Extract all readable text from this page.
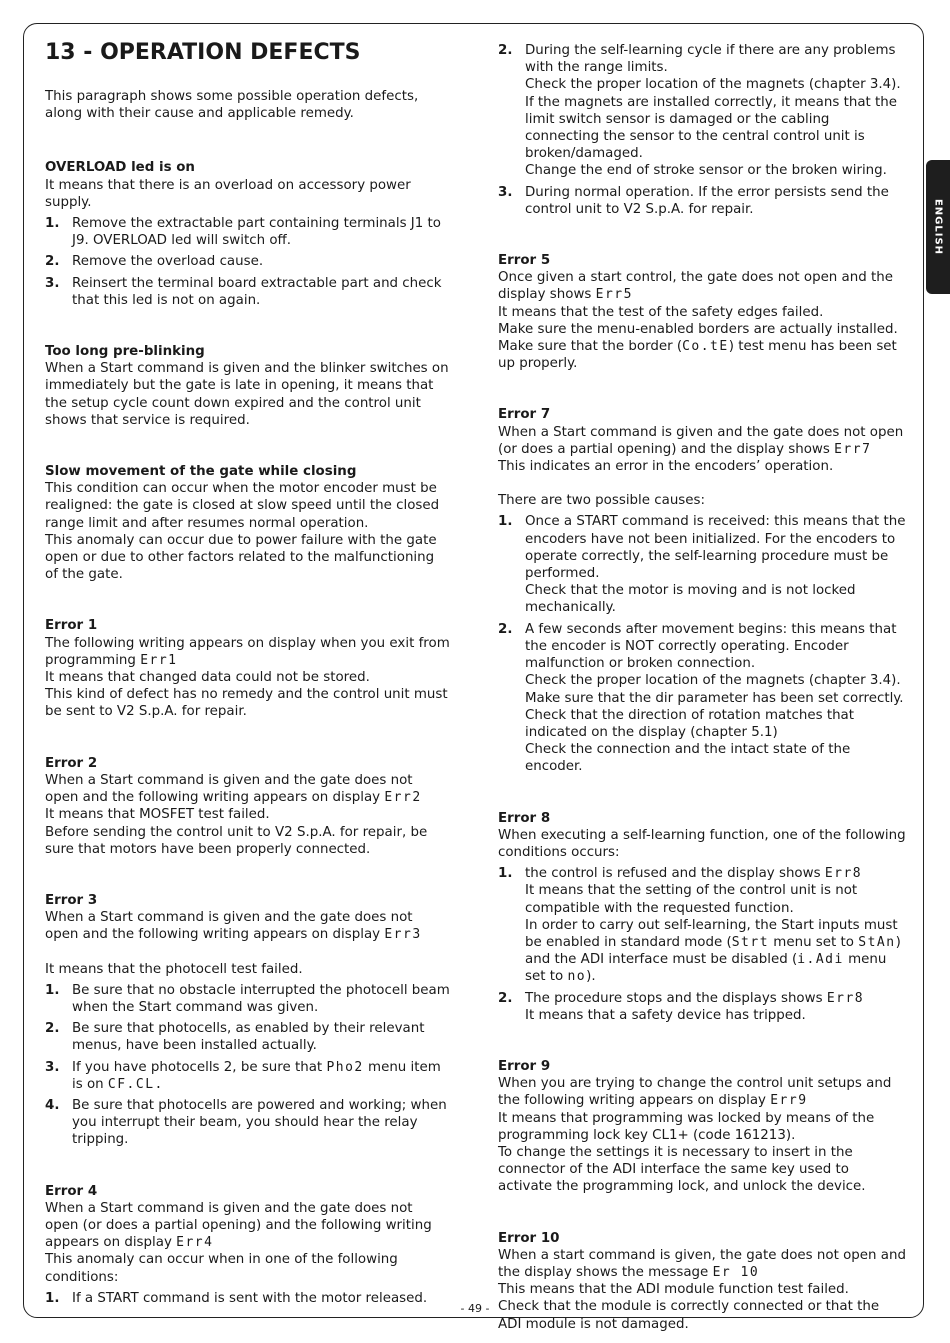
ENGLISH
13 - OPERATION DEFECTS

This paragraph shows some possible operation defects, along with their cause and applicable remedy.

OVERLOAD led is on

It means that there is an overload on accessory power supply.

1. Remove the extractable part containing terminals J1 to J9. OVERLOAD led will switch off.
2. Remove the overload cause.
3. Reinsert the terminal board extractable part and check that this led is not on again.

Too long pre-blinking

When a Start command is given and the blinker switches on immediately but the gate is late in opening, it means that the setup cycle count down expired and the control unit shows that service is required.

Slow movement of the gate while closing

This condition can occur when the motor encoder must be realigned: the gate is closed at slow speed until the closed range limit and after resumes normal operation.

This anomaly can occur due to power failure with the gate open or due to other factors related to the malfunctioning of the gate.

Error 1

The following writing appears on display when you exit from programming Err1

It means that changed data could not be stored.

This kind of defect has no remedy and the control unit must be sent to V2 S.p.A. for repair.

Error 2

When a Start command is given and the gate does not open and the following writing appears on display Err2

It means that MOSFET test failed.

Before sending the control unit to V2 S.p.A. for repair, be sure that motors have been properly connected.

Error 3

When a Start command is given and the gate does not open and the following writing appears on display Err3

It means that the photocell test failed.

1. Be sure that no obstacle interrupted the photocell beam when the Start command was given.
2. Be sure that photocells, as enabled by their relevant menus, have been installed actually.
3. If you have photocells 2, be sure that Pho2 menu item is on CF.CL.
4. Be sure that photocells are powered and working; when you interrupt their beam, you should hear the relay tripping.

Error 4

When a Start command is given and the gate does not open (or does a partial opening) and the following writing appears on display Err4

This anomaly can occur when in one of the following conditions:

1. If a START command is sent with the motor released.
2. During the self-learning cycle if there are any problems with the range limits.
Check the proper location of the magnets (chapter 3.4).
If the magnets are installed correctly, it means that the limit switch sensor is damaged or the cabling connecting the sensor to the central control unit is broken/damaged.
Change the end of stroke sensor or the broken wiring.
3. During normal operation. If the error persists send the control unit to V2 S.p.A. for repair.

Error 5

Once given a start control, the gate does not open and the display shows Err5

It means that the test of the safety edges failed.

Make sure the menu-enabled borders are actually installed.

Make sure that the border (Co.tE) test menu has been set up properly.

Error 7

When a Start command is given and the gate does not open (or does a partial opening) and the display shows Err7

This indicates an error in the encoders’ operation.

There are two possible causes:

1. Once a START command is received: this means that the encoders have not been initialized. For the encoders to operate correctly, the self-learning procedure must be performed.
Check that the motor is moving and is not locked mechanically.
2. A few seconds after movement begins: this means that the encoder is NOT correctly operating. Encoder malfunction or broken connection.
Check the proper location of the magnets (chapter 3.4).
Make sure that the dir parameter has been set correctly.
Check that the direction of rotation matches that indicated on the display (chapter 5.1)
Check the connection and the intact state of the encoder.

Error 8

When executing a self-learning function, one of the following conditions occurs:

1. the control is refused and the display shows Err8
It means that the setting of the control unit is not compatible with the requested function.
In order to carry out self-learning, the Start inputs must be enabled in standard mode (Strt menu set to StAn) and the ADI interface must be disabled (i.Adi menu set to no).
2. The procedure stops and the displays shows Err8
It means that a safety device has tripped.

Error 9

When you are trying to change the control unit setups and the following writing appears on display Err9

It means that programming was locked by means of the programming lock key CL1+ (code 161213).

To change the settings it is necessary to insert in the connector of the ADI interface the same key used to activate the programming lock, and unlock the device.

Error 10

When a start command is given, the gate does not open and the display shows the message Er 10

This means that the ADI module function test failed.

Check that the module is correctly connected or that the ADI module is not damaged.

- 49 -
